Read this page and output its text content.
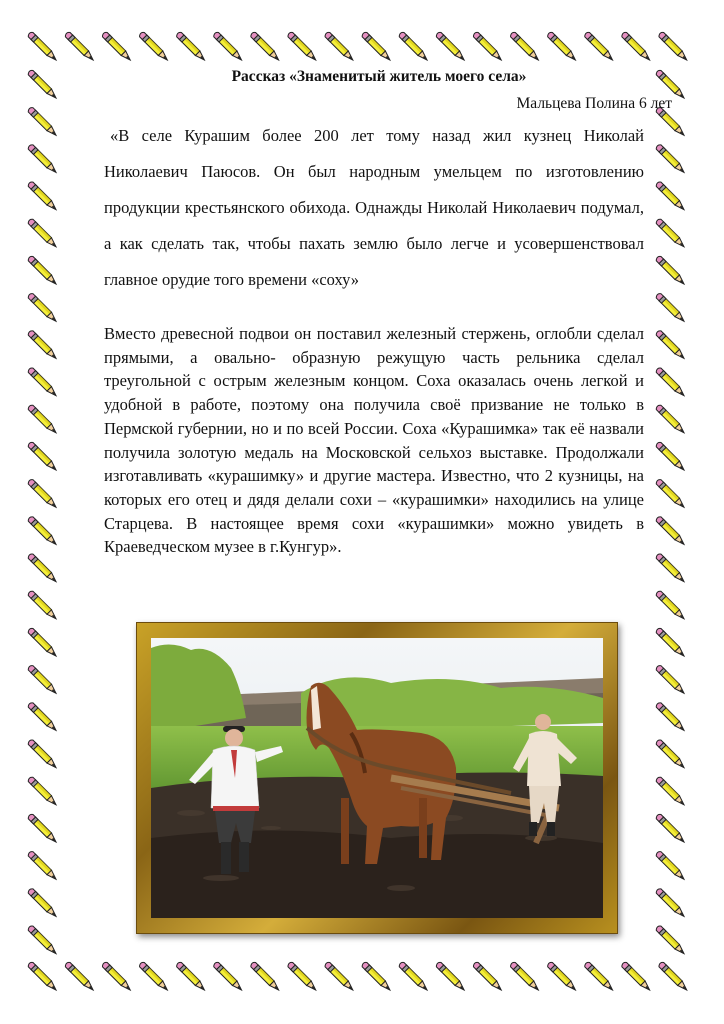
Рассказ «Знаменитый житель моего села»
Мальцева Полина 6 лет

«В селе Курашим более 200 лет тому назад жил кузнец Николай Николаевич Паюсов. Он был народным умельцем по изготовлению продукции крестьянского обихода. Однажды Николай Николаевич подумал, а как сделать так, чтобы пахать землю было легче и усовершенствовал главное орудие того времени «соху»

Вместо древесной подвои он поставил железный стержень, оглобли сделал прямыми, а овально- образную режущую часть рельника сделал треугольной с острым железным концом. Соха оказалась очень легкой и удобной в работе, поэтому она получила своё призвание не только в Пермской губернии, но и по всей России. Соха «Курашимка» так её назвали получила золотую медаль на Московской сельхоз выставке. Продолжали изготавливать «курашимку» и другие мастера. Известно, что 2 кузницы, на которых его отец и дядя делали сохи – «курашимки» находились на улице Старцева. В настоящее время сохи «курашимки» можно увидеть в Краеведческом музее в г.Кунгур».
